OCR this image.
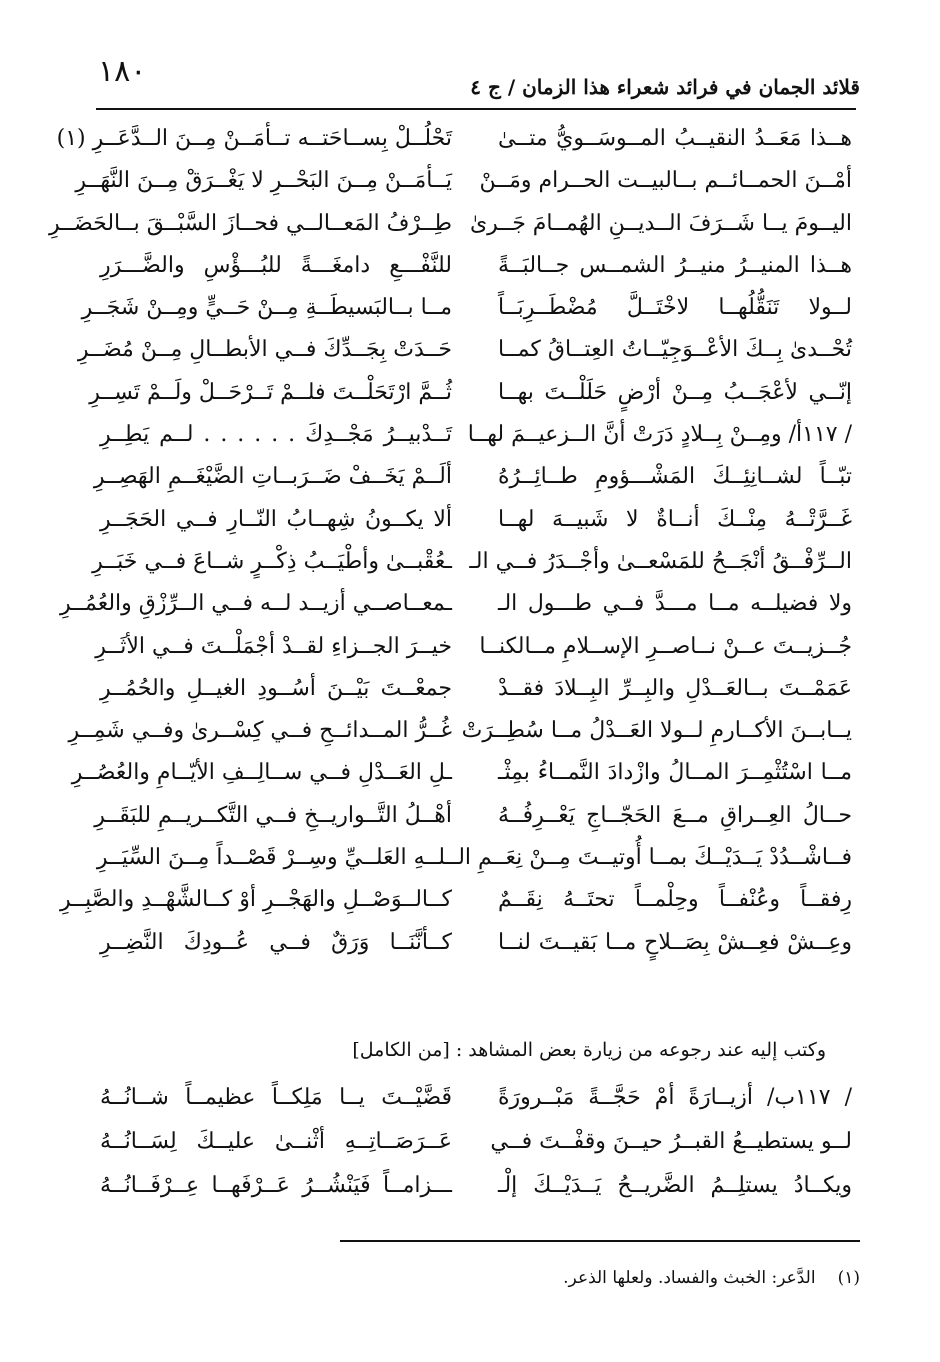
١٨٠	قلائد الجمان في فرائد شعراء هذا الزمان / ج ٤
هــذا مَعَــدُ النقيــبُ المــوسَــويُّ متــىٰ
تَحْلُــلْ بِســاحَتــه تــأمَــنْ مِــنَ الــدَّعَــرِ (١)
أمْــنَ الحمــائــم بــالبيــت الحــرام ومَــنْ
يَــأمَــنْ مِــنَ البَحْــرِ لا يَغْــرَقْ مِــنَ النَّهَــرِ
اليــومَ يــا شَــرَفَ الــديــنِ الهُمــامَ جَــرىٰ
طِــرْفُ المَعــالــي فحــازَ السَّبْــقَ بــالحَضَــرِ
هــذا المنيــرُ منيــرُ الشمــس جــالبَــةً
للنَّفْـــعِ دامغَـــةً للبُـــؤْسِ والضَّـــرَرِ
لــولا تَنَقُّلُهــا لاخْتَــلَّ مُضْطَــرِبَــاً
مــا بــالبَسيطَــةِ مِــنْ حَــيٍّ ومِــنْ شَجَــرِ
تُحْــدىٰ بِــكَ الأعْــوَجِيّــاتُ العِتــاقُ كمــا
حَــدَتْ بِجَــدِّكَ فــي الأبطــالِ مِــنْ مُضَــرِ
إنّــي لأعْجَــبُ مِــنْ أرْضٍ حَلَلْــتَ بهــا
ثُــمَّ ارْتَحَلْــتَ فلــمْ تَــرْحَــلْ ولَــمْ تَسِــرِ
/ ١١٧أ/ ومِــنْ بِــلادٍ دَرَتْ أنَّ الــزعيــمَ لهــا
تَــدْبيــرُ مَجْــدِكَ . . . . . . لــم يَطِــرِ
تبّــاً لشــانِئِــكَ المَشْـــؤومِ طــائِــرُهُ
ألَــمْ يَخَــفْ ضَــرَبــاتِ الضَّيْغَــمِ الهَصِــرِ
غَــرَّتْــهُ مِنْــكَ أنــاةٌ لا شَبيــهَ لهــا
ألا يكــونُ شِهــابُ النّــارِ فــي الحَجَــرِ
الــرِّفْــقُ أنْجَــحُ للمَسْعــىٰ وأجْــدَرُ فــي الـ
ـعُقْبــىٰ وأطْيَــبُ ذِكْــرٍ شــاعَ فــي خَبَــرِ
ولا فضيلــه مــا مـــدَّ فــي طـــول الـ
ـمعــاصــي أزيــد لــه فــي الــرِّزْقِ والعُمُــرِ
جُــزيــتَ عــنْ نــاصــرِ الإســلامِ مــالكنــا
خيــرَ الجــزاءِ لقــدْ أجْمَلْــتَ فــي الأثَــرِ
عَمَمْــتَ بــالعَــدْلِ والبِــرِّ البِــلادَ فقــدْ
جمعْــتَ بَيْــنَ أسُــودِ الغيــلِ والحُمُــرِ
يــابــنَ الأكــارمِ لــولا العَــدْلُ مــا سُطِــرَتْ
غُــرُّ المــدائــحِ فــي كِسْــرىٰ وفــي شَمِــرِ
مــا اسْتُثْمِــرَ المــالُ وازْدادَ النَّمــاءُ بمِثْـ
ـلِ العَــدْلِ فــي ســالِــفِ الأيّــامِ والعُصُــرِ
حــالُ العِــراقِ مــعَ الحَجّــاجِ يَعْــرِفُــهُ
أهْــلُ التَّــواريــخِ فــي التَّكــريــمِ للبَقَــرِ
فــاشْــدُدْ يَــدَيْــكَ بمــا أُوتيــتَ مِــنْ نِعَــمِ الـ
ـلــهِ العَلــيِّ وسِــرْ قَصْــداً مِــنَ السِّيَــرِ
رِفقــاً وعُنْفــاً وحِلْمــاً تحتَــهُ نِقَــمٌ
كــالــوَصْــلِ والهَجْــرِ أوْ كــالشَّهْــدِ والصَّبِــرِ
وعِــشْ فعِــشْ بِصَــلاحٍ مــا بَقيــتَ لنــا
كــأنَّنَــا وَرَقٌ فــي عُــودِكَ النَّضِــرِ
وكتب إليه عند رجوعه من زيارة بعض المشاهد : [من الكامل]
/ ١١٧ب/ أزيــارَةً أمْ حَجَّــةً مَبْــرورَةً
قَضَّيْــتَ يــا مَلِكــاً عظيمــاً شــانُــهُ
لــو يستطيــعُ القبــرُ حيــنَ وقفْــتَ فــي
عَــرَصَــاتِــهِ أثْنــىٰ عليــكَ لِسَــانُــهُ
ويكــادُ يستلِــمُ الضَّريــحُ يَــدَيْــكَ إلْـ
ـــزامــاً فَيَنْشُــرُ عَــرْفَهــا عِــرْفَــانُــهُ
(١)الدَّعر: الخبث والفساد. ولعلها الذعر.
